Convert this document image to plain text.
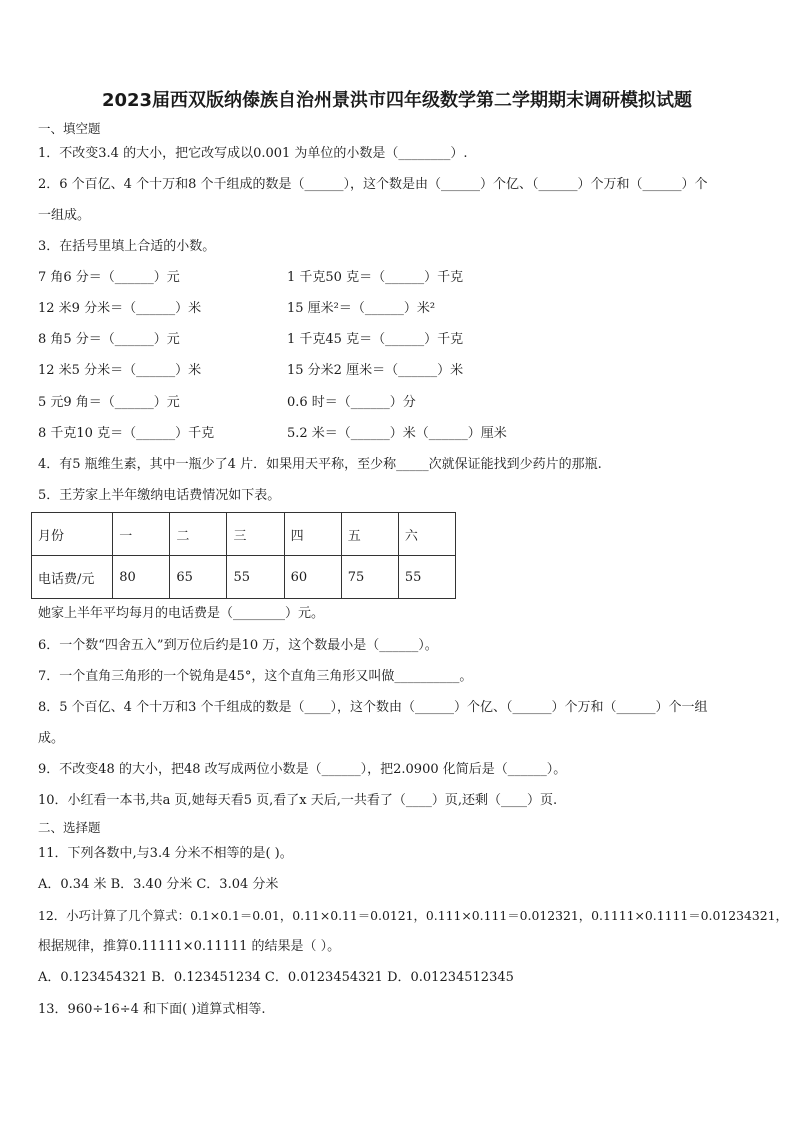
2023届西双版纳傣族自治州景洪市四年级数学第二学期期末调研模拟试题
一、填空题
1．不改变3.4 的大小，把它改写成以0.001 为单位的小数是（________）.
2．6 个百亿、4 个十万和8 个千组成的数是（______），这个数是由（______）个亿、（______）个万和（______）个
一组成。
3．在括号里填上合适的小数。
7 角6 分＝（______）元	1 千克50 克＝（______）千克
12 米9 分米＝（______）米	15 厘米²＝（______）米²
8 角5 分＝（______）元	1 千克45 克＝（______）千克
12 米5 分米＝（______）米	15 分米2 厘米＝（______）米
5 元9 角＝（______）元	0.6 时＝（______）分
8 千克10 克＝（______）千克	5.2 米＝（______）米（______）厘米
4．有5 瓶维生素，其中一瓶少了4 片．如果用天平称，至少称_____次就保证能找到少药片的那瓶.
5．王芳家上半年缴纳电话费情况如下表。
月份	一	二	三	四	五	六
电话费/元	80	65	55	60	75	55
她家上半年平均每月的电话费是（________）元。
6．一个数“四舍五入”到万位后约是10 万，这个数最小是（______）。
7．一个直角三角形的一个锐角是45°，这个直角三角形又叫做__________。
8．5 个百亿、4 个十万和3 个千组成的数是（____），这个数由（______）个亿、（______）个万和（______）个一组
成。
9．不改变48 的大小，把48 改写成两位小数是（______），把2.0900 化简后是（______）。
10．小红看一本书,共a 页,她每天看5 页,看了x 天后,一共看了（____）页,还剩（____）页.
二、选择题
11．下列各数中,与3.4 分米不相等的是( )。
A．0.34 米 B．3.40 分米 C．3.04 分米
12．小巧计算了几个算式：0.1×0.1＝0.01，0.11×0.11＝0.0121，0.111×0.111＝0.012321，0.1111×0.1111＝0.01234321，
根据规律，推算0.11111×0.11111 的结果是（ ）。
A．0.123454321 B．0.123451234 C．0.0123454321 D．0.01234512345
13．960÷16÷4 和下面( )道算式相等.
